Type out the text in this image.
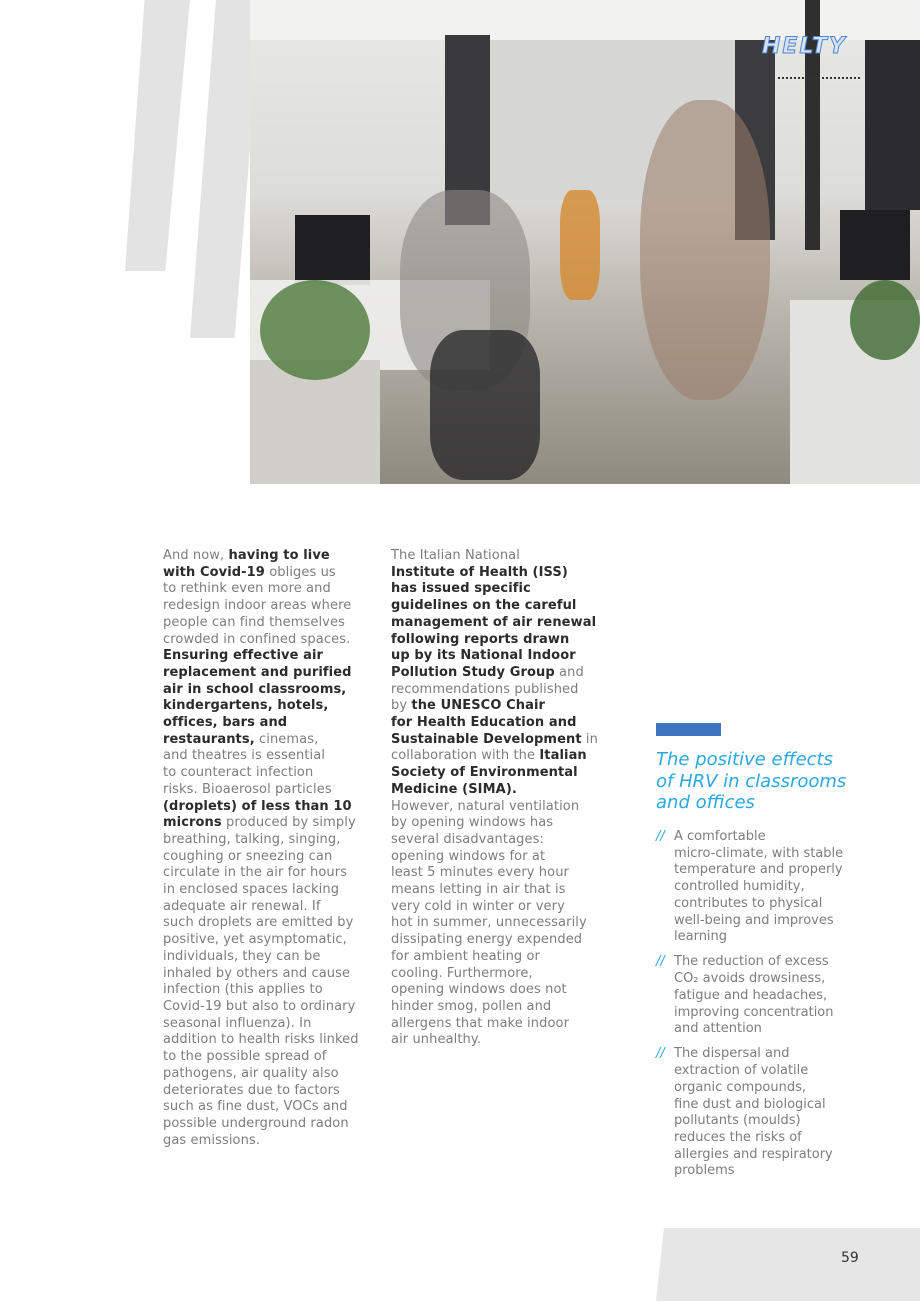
HELTY
And now, having to live
with Covid-19 obliges us
to rethink even more and
redesign indoor areas where
people can find themselves
crowded in confined spaces.
Ensuring effective air
replacement and purified
air in school classrooms,
kindergartens, hotels,
offices, bars and
restaurants, cinemas,
and theatres is essential
to counteract infection
risks. Bioaerosol particles
(droplets) of less than 10
microns produced by simply
breathing, talking, singing,
coughing or sneezing can
circulate in the air for hours
in enclosed spaces lacking
adequate air renewal. If
such droplets are emitted by
positive, yet asymptomatic,
individuals, they can be
inhaled by others and cause
infection (this applies to
Covid-19 but also to ordinary
seasonal influenza). In
addition to health risks linked
to the possible spread of
pathogens, air quality also
deteriorates due to factors
such as fine dust, VOCs and
possible underground radon
gas emissions.
The Italian National
Institute of Health (ISS)
has issued specific
guidelines on the careful
management of air renewal
following reports drawn
up by its National Indoor
Pollution Study Group and
recommendations published
by the UNESCO Chair
for Health Education and
Sustainable Development in
collaboration with the Italian
Society of Environmental
Medicine (SIMA).
However, natural ventilation
by opening windows has
several disadvantages:
opening windows for at
least 5 minutes every hour
means letting in air that is
very cold in winter or very
hot in summer, unnecessarily
dissipating energy expended
for ambient heating or
cooling. Furthermore,
opening windows does not
hinder smog, pollen and
allergens that make indoor
air unhealthy.
The positive effects
of HRV in classrooms
and offices
// A comfortable
micro-climate, with stable
temperature and properly
controlled humidity,
contributes to physical
well-being and improves
learning
// The reduction of excess
CO₂ avoids drowsiness,
fatigue and headaches,
improving concentration
and attention
// The dispersal and
extraction of volatile
organic compounds,
fine dust and biological
pollutants (moulds)
reduces the risks of
allergies and respiratory
problems
59
